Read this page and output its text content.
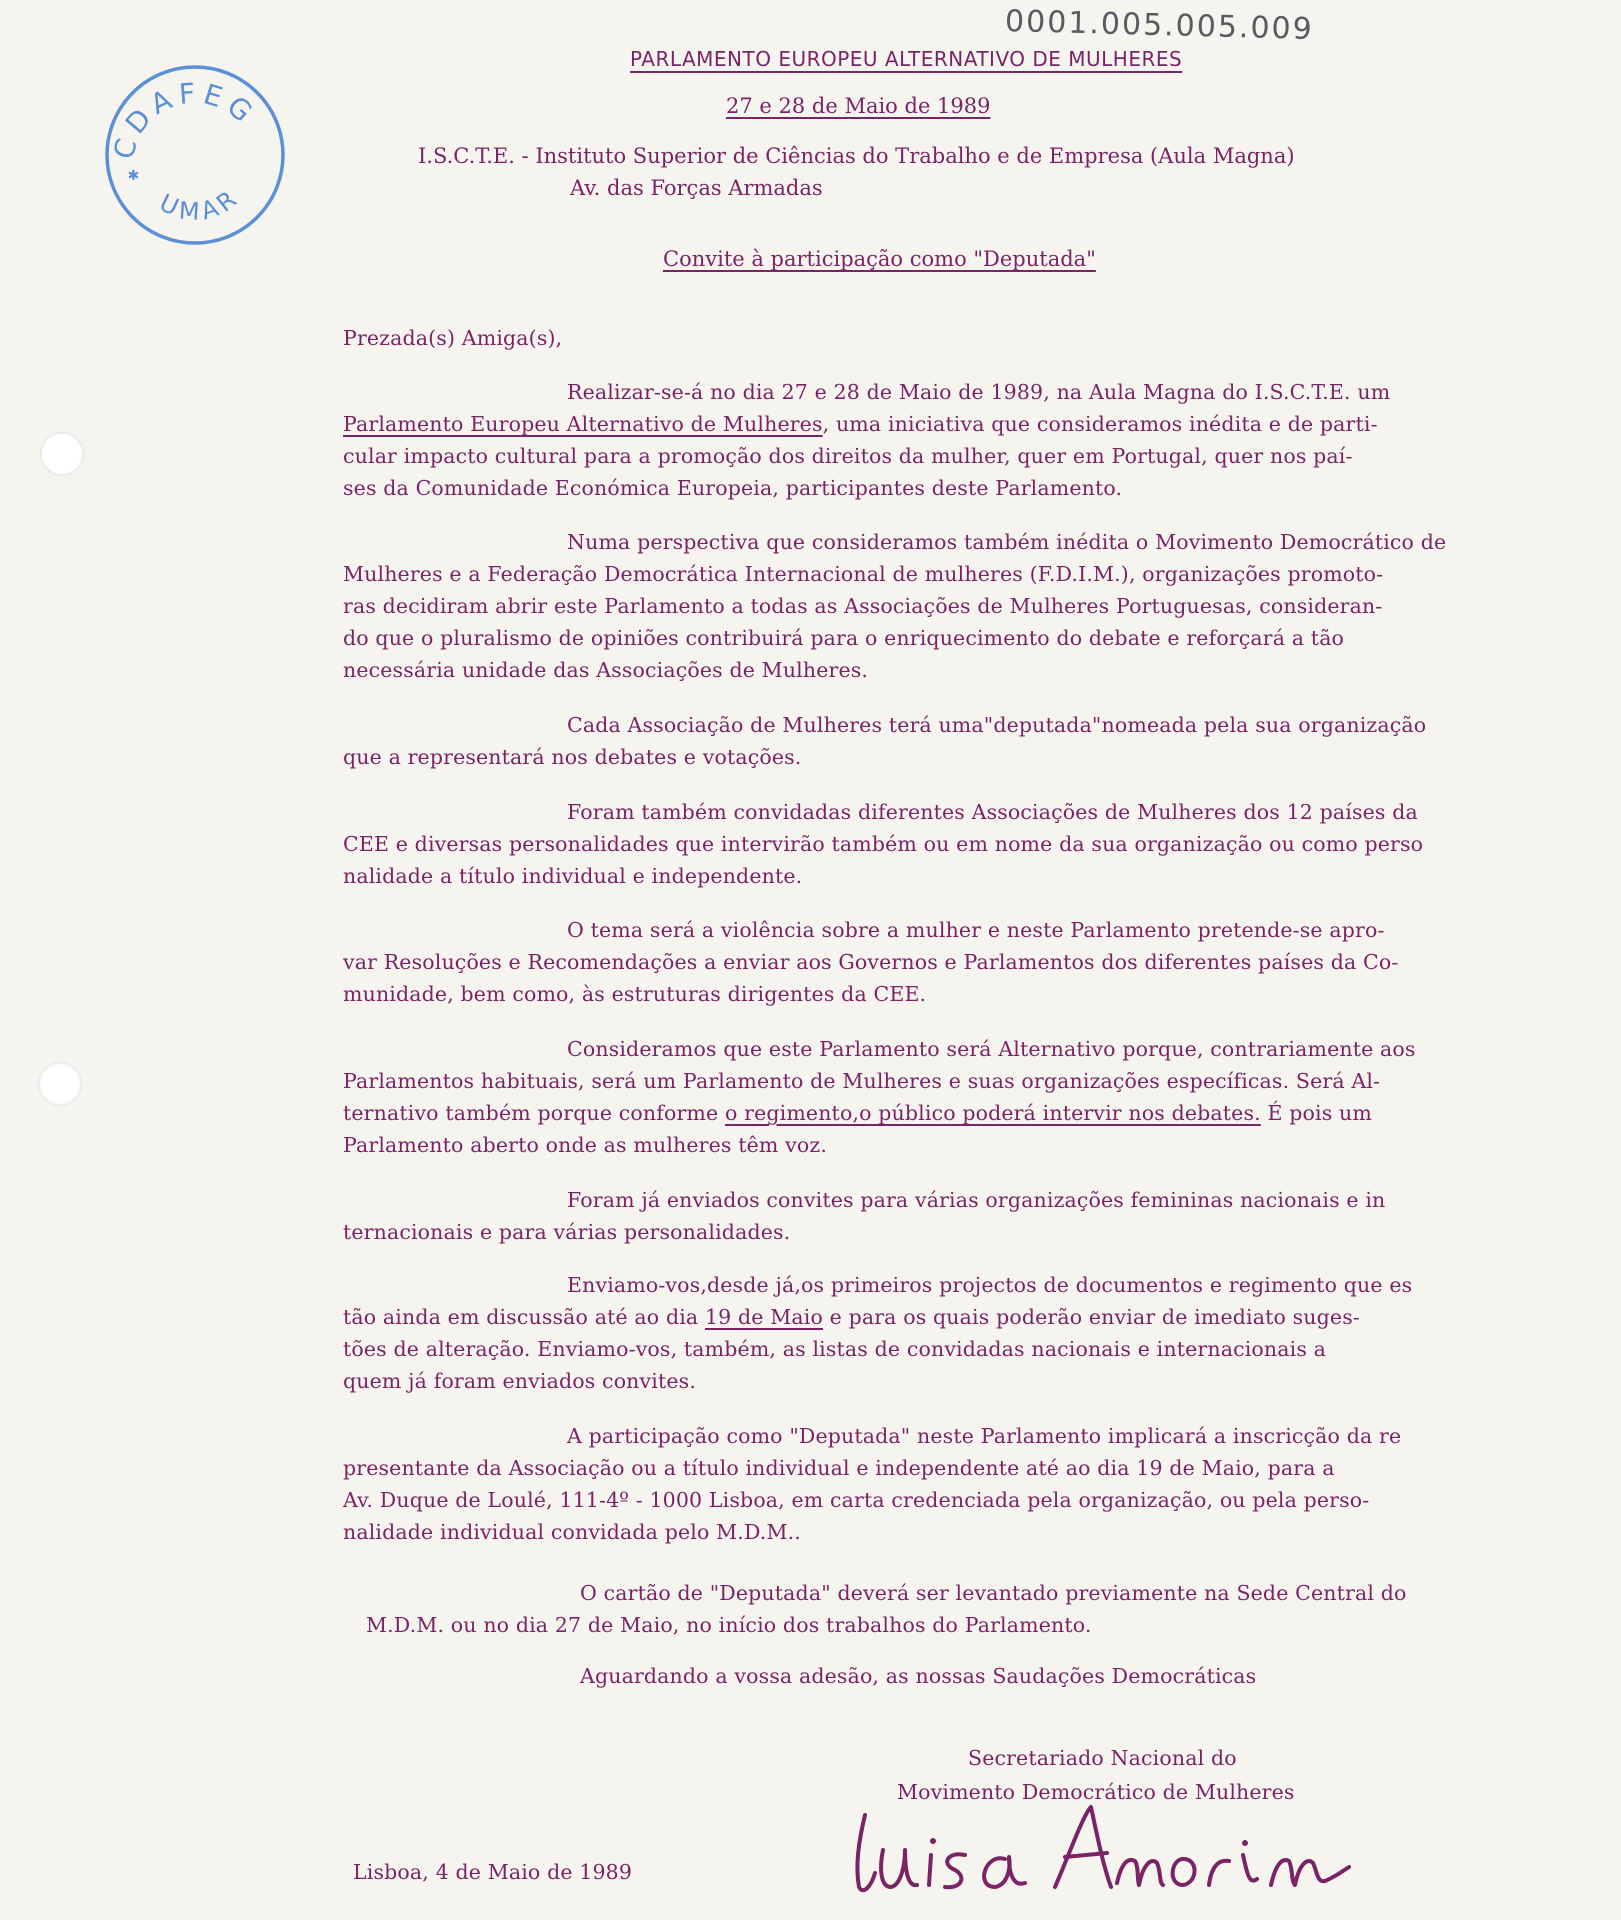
0001.005.005.009
CDAFEG
UMAR
✱
PARLAMENTO EUROPEU ALTERNATIVO DE MULHERES
27 e 28 de Maio de 1989
I.S.C.T.E. - Instituto Superior de Ciências do Trabalho e de Empresa (Aula Magna)
Av. das Forças Armadas
Convite à participação como "Deputada"
Prezada(s) Amiga(s),
Realizar-se-á no dia 27 e 28 de Maio de 1989, na Aula Magna do I.S.C.T.E. um
Parlamento Europeu Alternativo de Mulheres, uma iniciativa que consideramos inédita e de parti-
cular impacto cultural para a promoção dos direitos da mulher, quer em Portugal, quer nos paí-
ses da Comunidade Económica Europeia, participantes deste Parlamento.
Numa perspectiva que consideramos também inédita o Movimento Democrático de
Mulheres e a Federação Democrática Internacional de mulheres (F.D.I.M.), organizações promoto-
ras decidiram abrir este Parlamento a todas as Associações de Mulheres Portuguesas, consideran-
do que o pluralismo de opiniões contribuirá para o enriquecimento do debate e reforçará a tão
necessária unidade das Associações de Mulheres.
Cada Associação de Mulheres terá uma"deputada"nomeada pela sua organização
que a representará nos debates e votações.
Foram também convidadas diferentes Associações de Mulheres dos 12 países da
CEE e diversas personalidades que intervirão também ou em nome da sua organização ou como perso
nalidade a título individual e independente.
O tema será a violência sobre a mulher e neste Parlamento pretende-se apro-
var Resoluções e Recomendações a enviar aos Governos e Parlamentos dos diferentes países da Co-
munidade, bem como, às estruturas dirigentes da CEE.
Consideramos que este Parlamento será Alternativo porque, contrariamente aos
Parlamentos habituais, será um Parlamento de Mulheres e suas organizações específicas. Será Al-
ternativo também porque conforme o regimento,o público poderá intervir nos debates. É pois um
Parlamento aberto onde as mulheres têm voz.
Foram já enviados convites para várias organizações femininas nacionais e in
ternacionais e para várias personalidades.
Enviamo-vos,desde já,os primeiros projectos de documentos e regimento que es
tão ainda em discussão até ao dia 19 de Maio e para os quais poderão enviar de imediato suges-
tões de alteração. Enviamo-vos, também, as listas de convidadas nacionais e internacionais a
quem já foram enviados convites.
A participação como "Deputada" neste Parlamento implicará a inscricção da re
presentante da Associação ou a título individual e independente até ao dia 19 de Maio, para a
Av. Duque de Loulé, 111-4º - 1000 Lisboa, em carta credenciada pela organização, ou pela perso-
nalidade individual convidada pelo M.D.M..
O cartão de "Deputada" deverá ser levantado previamente na Sede Central do
M.D.M. ou no dia 27 de Maio, no início dos trabalhos do Parlamento.
Aguardando a vossa adesão, as nossas Saudações Democráticas
Secretariado Nacional do
Movimento Democrático de Mulheres
Lisboa, 4 de Maio de 1989
